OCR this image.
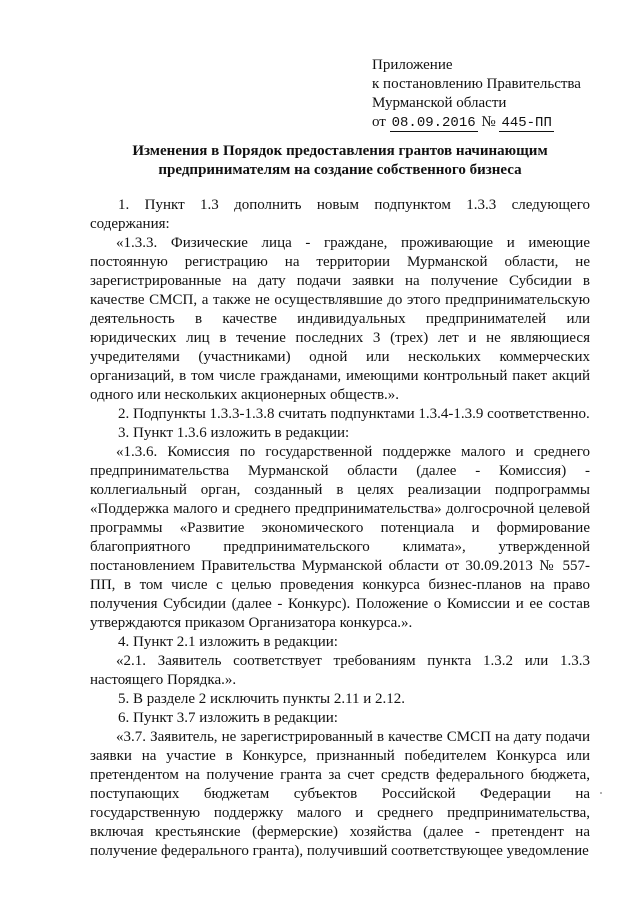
Приложение
к постановлению Правительства
Мурманской области
от 08.09.2016 № 445-ПП
Изменения в Порядок предоставления грантов начинающим
предпринимателям на создание собственного бизнеса

1. Пункт 1.3 дополнить новым подпунктом 1.3.3 следующего содержания:

«1.3.3. Физические лица - граждане, проживающие и имеющие постоянную регистрацию на территории Мурманской области, не зарегистрированные на дату подачи заявки на получение Субсидии в качестве СМСП, а также не осуществлявшие до этого предпринимательскую деятельность в качестве индивидуальных предпринимателей или юридических лиц в течение последних 3 (трех) лет и не являющиеся учредителями (участниками) одной или нескольких коммерческих организаций, в том числе гражданами, имеющими контрольный пакет акций одного или нескольких акционерных обществ.».

2. Подпункты 1.3.3-1.3.8 считать подпунктами 1.3.4-1.3.9 соответственно.

3. Пункт 1.3.6 изложить в редакции:

«1.3.6. Комиссия по государственной поддержке малого и среднего предпринимательства Мурманской области (далее - Комиссия) - коллегиальный орган, созданный в целях реализации подпрограммы «Поддержка малого и среднего предпринимательства» долгосрочной целевой программы «Развитие экономического потенциала и формирование благоприятного предпринимательского климата», утвержденной постановлением Правительства Мурманской области от 30.09.2013 № 557-ПП, в том числе с целью проведения конкурса бизнес-планов на право получения Субсидии (далее - Конкурс). Положение о Комиссии и ее состав утверждаются приказом Организатора конкурса.».

4. Пункт 2.1 изложить в редакции:

«2.1. Заявитель соответствует требованиям пункта 1.3.2 или 1.3.3 настоящего Порядка.».

5. В разделе 2 исключить пункты 2.11 и 2.12.

6. Пункт 3.7 изложить в редакции:

«3.7. Заявитель, не зарегистрированный в качестве СМСП на дату подачи заявки на участие в Конкурсе, признанный победителем Конкурса или претендентом на получение гранта за счет средств федерального бюджета, поступающих бюджетам субъектов Российской Федерации на государственную поддержку малого и среднего предпринимательства, включая крестьянские (фермерские) хозяйства (далее - претендент на получение федерального гранта), получивший соответствующее уведомление
